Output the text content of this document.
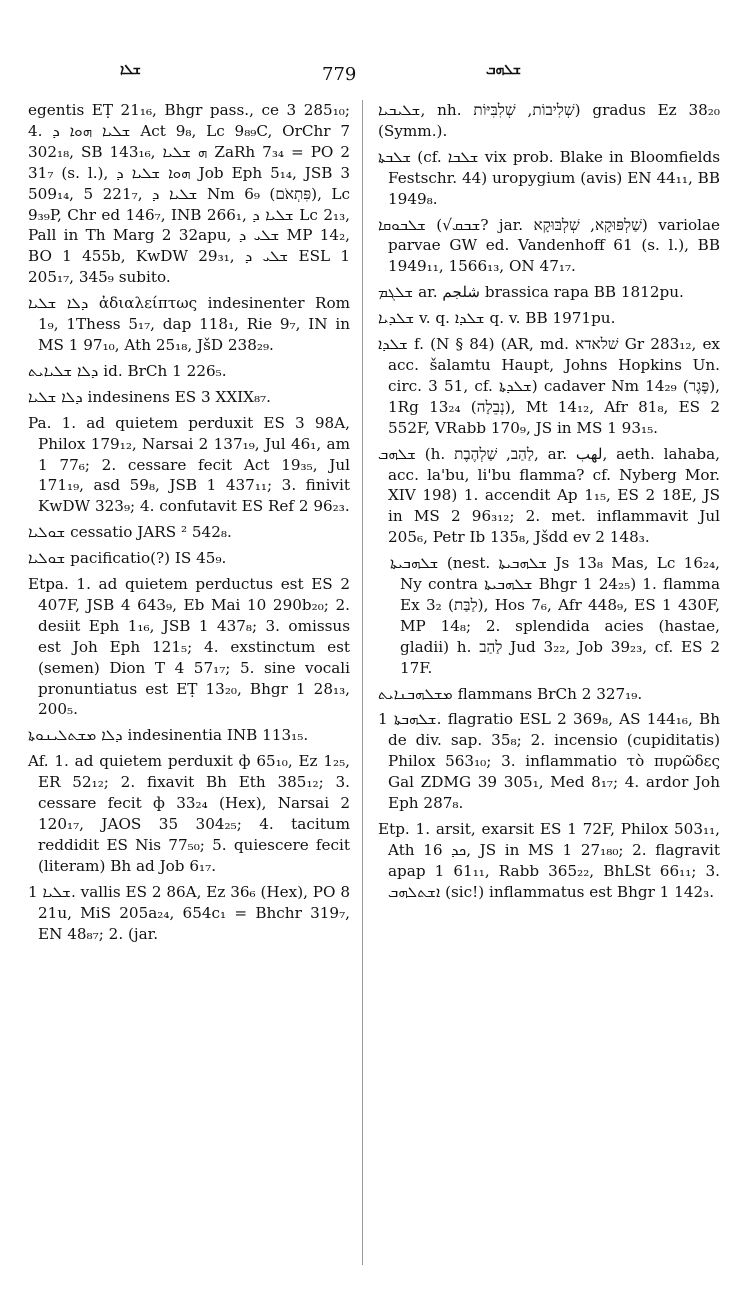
ܫܠܐ	779	ܫܠܗܒ

egentis EṬ 21₁₆, Bhgr pass., ce 3 285₁₀; 4. ܫܠܝܐ ܗܘܐ ܕ Act 9₈, Lc 9₈₉C, OrChr 7 302₁₈, SB 143₁₆, ܗ ܫܠܝܐ ZaRh 7₃₄ = PO 2 31₇ (s. l.), ܗܘܐ ܫܠܝܐ ܕ Job Eph 5₁₄, JSB 3 509₁₄, 5 221₇, ܫܠܝܐ ܕ Nm 6₉ (פִּתְאֹם), Lc 9₃₉P, Chr ed 146₇, INB 266₁, ܫܠܝܐ ܕ Lc 2₁₃, Pall in Th Marg 2 32apu, ܫܠܝ ܕ MP 14₂, BO 1 455b, KwDW 29₃₁, ܫܠܝ ܕ ESL 1 205₁₇, 345₉ subito.

ܕܠܐ ܫܠܝܐ ἀδιαλείπτως indesinenter Rom 1₉, 1Thess 5₁₇, dap 118₁, Rie 9₇, IN in MS 1 97₁₀, Ath 25₁₈, JšD 238₂₉.

ܕܠܐ ܫܠܝܐܝܬ id. BrCh 1 226₅.

ܕܠܐ ܫܠܝܐ indesinens ES 3 XXIX₈₇.

Pa. 1. ad quietem perduxit ES 3 98A, Philox 179₁₂, Narsai 2 137₁₉, Jul 46₁, am 1 77₆; 2. cessare fecit Act 19₃₅, Jul 171₁₉, asd 59₈, JSB 1 437₁₁; 3. finivit KwDW 323₉; 4. confutavit ES Ref 2 96₂₃.

ܫܘܠܝܐ cessatio JARS ² 542₈.

ܫܘܠܝܐ pacificatio(?) IS 45₉.

Etpa. 1. ad quietem perductus est ES 2 407F, JSB 4 643₉, Eb Mai 10 290b₂₀; 2. desiit Eph 1₁₆, JSB 1 437₈; 3. omissus est Joh Eph 121₅; 4. exstinctum est (semen) Dion T 4 57₁₇; 5. sine vocali pronuntiatus est EṬ 13₂₀, Bhgr 1 28₁₃, 200₅.

ܕܠܐ ܡܫܬܠܝܢܘܬܐ indesinentia INB 113₁₅.

Af. 1. ad quietem perduxit ф 65₁₀, Ez 1₂₅, ER 52₁₂; 2. fixavit Bh Eth 385₁₂; 3. cessare fecit ф 33₂₄ (Hex), Narsai 2 120₁₇, JAOS 35 304₂₅; 4. tacitum reddidit ES Nis 77₅₀; 5. quiescere fecit (literam) Bh ad Job 6₁₇.

ܫܠܝܐ 1. vallis ES 2 86A, Ez 36₆ (Hex), PO 8 21u, MiS 205a₂₄, 654c₁ = Bhchr 319₇, EN 48₈₇; 2. (jar.

ܫܠܝܒܝܐ, nh. שְׁלִיבוֹת, שְׁלִבִּיּוֹת) gradus Ez 38₂₀ (Symm.).

ܫܠܒܬܐ (cf. ܫܠܒܐ vix prob. Blake in Bloomfields Festschr. 44) uropygium (avis) EN 44₁₁, BB 1949₈.

ܫܠܒܘܩܐ (√ܫܒܩ? jar. שַׁלְפּוּקָא, שְׁלְבּוּקָא) variolae parvae GW ed. Vandenhoff 61 (s. l.), BB 1949₁₁, 1566₁₃, ON 47₁₇.

ܫܠܓܡ ar. شلجم brassica rapa BB 1812pu.

ܫܠܕܝܐ v. q. ܫܠܕܐ q. v. BB 1971pu.

ܫܠܕܐ f. (N § 84) (AR, md. שׁלאדא Gr 283₁₂, ex acc. šalamtu Haupt, Johns Hopkins Un. circ. 3 51, cf. ܫܠܕܬܐ) cadaver Nm 14₂₉ (פֶּגֶר), 1Rg 13₂₄ (נְבֵלָה), Mt 14₁₂, Afr 81₈, ES 2 552F, VRabb 170₉, JS in MS 1 93₁₅.

ܫܠܗܒ (h. לַהַב, שַׁלְהֶבֶת, ar. لهب, aeth. lahaba, acc. la'bu, li'bu flamma? cf. Nyberg Mor. XIV 198) 1. accendit Ap 1₁₅, ES 2 18E, JS in MS 2 96₃₁₂; 2. met. inflammavit Jul 205₆, Petr Ib 135₈, Jšdd ev 2 148₃.

ܫܠܗܒܝܬܐ (nest. ܫܠܗܒܝܬܐ Js 13₈ Mas, Lc 16₂₄, Ny contra ܫܠܗܒܝܬܐ Bhgr 1 24₂₅) 1. flamma Ex 3₂ (לַבַּת), Hos 7₆, Afr 448₉, ES 1 430F, MP 14₈; 2. splendida acies (hastae, gladii) h. לַהַב Jud 3₂₂, Job 39₂₃, cf. ES 2 17F.

ܡܫܠܗܒܢܐܝܬ flammans BrCh 2 327₁₉.

ܫܠܗܒܬܐ 1. flagratio ESL 2 369₈, AS 144₁₆, Bh de div. sap. 35₈; 2. incensio (cupiditatis) Philox 563₁₀; 3. inflammatio τὸ πυρῶδες Gal ZDMG 39 305₁, Med 8₁₇; 4. ardor Joh Eph 287₈.

Etp. 1. arsit, exarsit ES 1 72F, Philox 503₁₁, Ath ܟܕ 16, JS in MS 1 27₁₈₀; 2. flagravit apap 1 61₁₁, Rabb 365₂₂, BhLSt 66₁₁; 3. ܐܫܬܠܗܒ (sic!) inflammatus est Bhgr 1 142₃.
